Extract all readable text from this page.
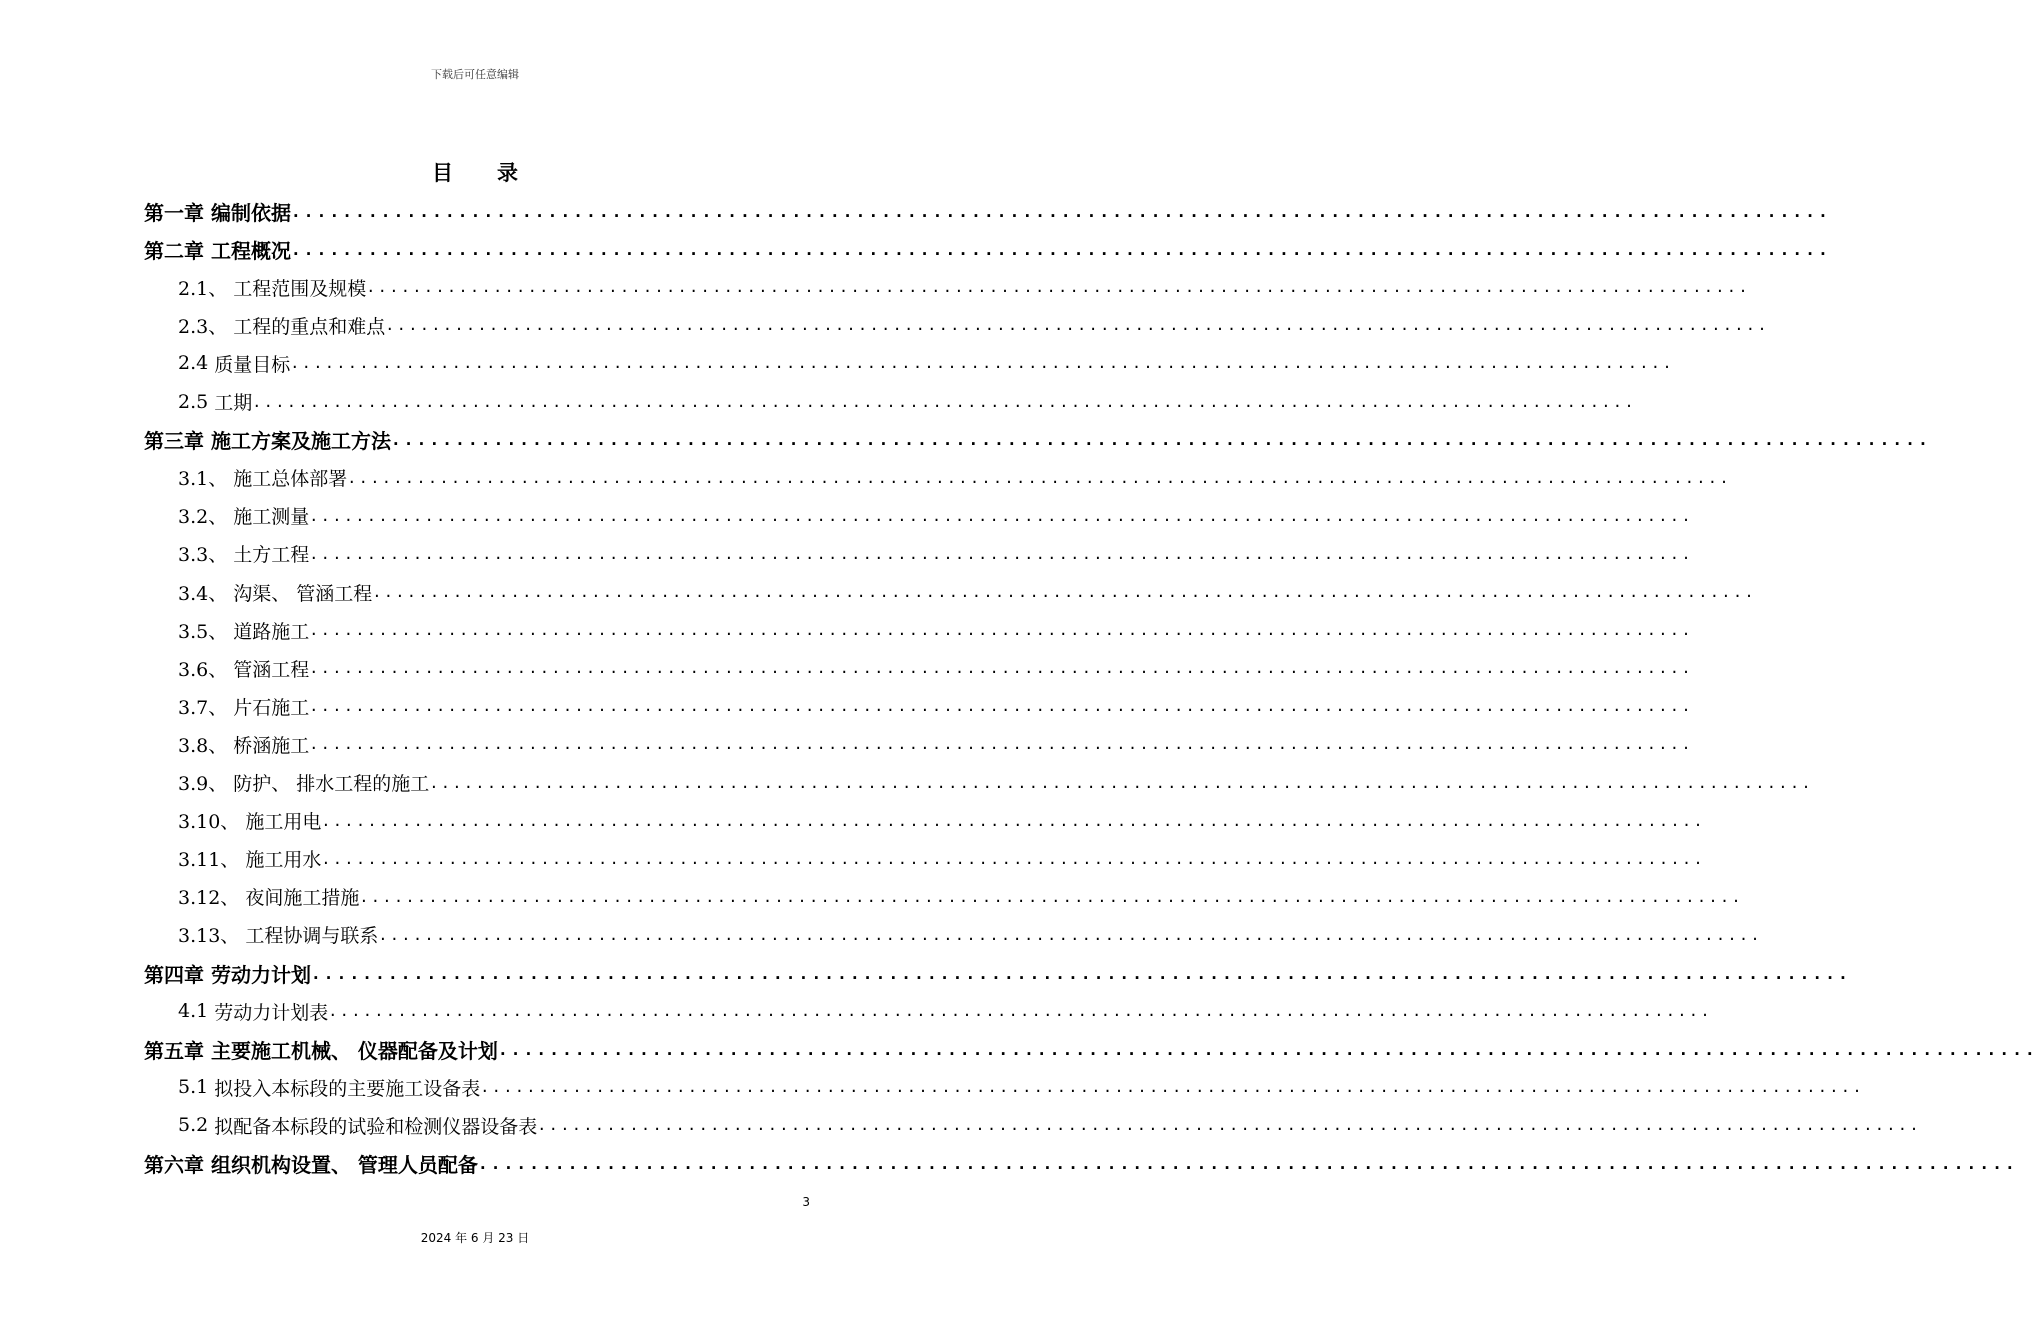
下载后可任意编辑
目录
第一章
编制依据 ........................................................................................................................
第二章
工程概况 ........................................................................................................................
2.1、
工程范围及规模 ........................................................................................................................
2.3、
工程的重点和难点 ........................................................................................................................
2.4
质量目标 ........................................................................................................................
2.5
工期 ........................................................................................................................
第三章
施工方案及施工方法 ........................................................................................................................
3.1、
施工总体部署 ........................................................................................................................
3.2、
施工测量 ........................................................................................................................
3.3、
土方工程 ........................................................................................................................
3.4、
沟渠、 管涵工程 ........................................................................................................................
3.5、
道路施工 ........................................................................................................................
3.6、
管涵工程 ........................................................................................................................
3.7、
片石施工 ........................................................................................................................
3.8、
桥涵施工 ........................................................................................................................
3.9、
防护、 排水工程的施工 ........................................................................................................................
3.10、
施工用电 ........................................................................................................................
3.11、
施工用水 ........................................................................................................................
3.12、
夜间施工措施 ........................................................................................................................
3.13、
工程协调与联系 ........................................................................................................................
第四章
劳动力计划 ........................................................................................................................
4.1
劳动力计划表 ........................................................................................................................
第五章
主要施工机械、 仪器配备及计划 ........................................................................................................................
5.1
拟投入本标段的主要施工设备表 ........................................................................................................................
5.2
拟配备本标段的试验和检测仪器设备表 ........................................................................................................................
第六章
组织机构设置、 管理人员配备 ........................................................................................................................
3
2024 年 6 月 23 日
